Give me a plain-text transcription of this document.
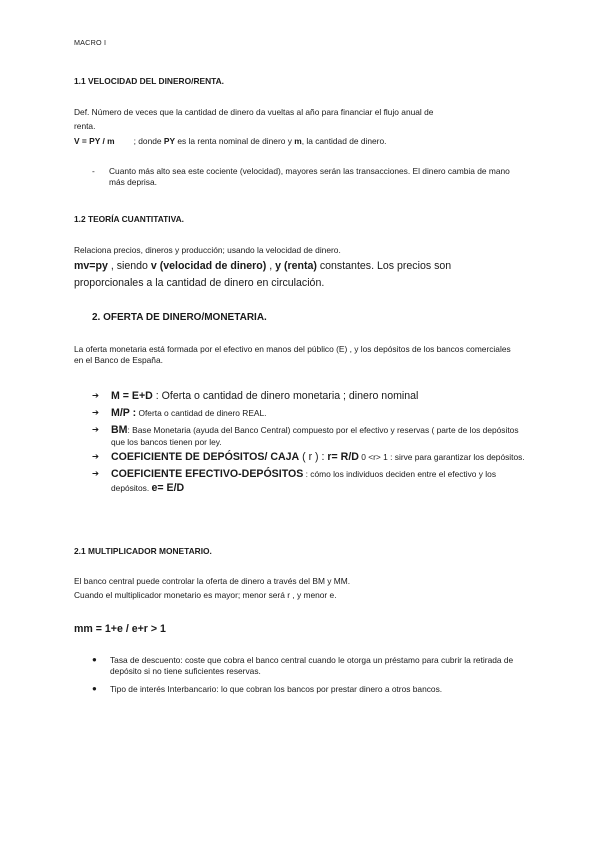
MACRO I
1.1 VELOCIDAD DEL DINERO/RENTA.
Def. Número de veces que la cantidad de dinero da vueltas al año para financiar el flujo anual de
renta.
V = PY / m ; donde PY es la renta nominal de dinero y m, la cantidad de dinero.
- Cuanto más alto sea este cociente (velocidad), mayores serán las transacciones. El dinero cambia de mano más deprisa.
1.2 TEORÍA CUANTITATIVA.
Relaciona precios, dineros y producción; usando la velocidad de dinero.
mv=py , siendo v (velocidad de dinero) , y (renta) constantes. Los precios son
proporcionales a la cantidad de dinero en circulación.
2. OFERTA DE DINERO/MONETARIA.
La oferta monetaria está formada por el efectivo en manos del público (E) , y los depósitos de los bancos comerciales en el Banco de España.
➔ M = E+D : Oferta o cantidad de dinero monetaria ; dinero nominal
➔ M/P : Oferta o cantidad de dinero REAL.
➔ BM: Base Monetaria (ayuda del Banco Central) compuesto por el efectivo y reservas ( parte de los depósitos que los bancos tienen por ley.
➔ COEFICIENTE DE DEPÓSITOS/ CAJA ( r ) : r= R/D 0 <r> 1 : sirve para garantizar los depósitos.
➔ COEFICIENTE EFECTIVO-DEPÓSITOS : cómo los individuos deciden entre el efectivo y los depósitos. e= E/D
2.1 MULTIPLICADOR MONETARIO.
El banco central puede controlar la oferta de dinero a través del BM y MM.
Cuando el multiplicador monetario es mayor; menor será r , y menor e.
mm = 1+e / e+r > 1
● Tasa de descuento: coste que cobra el banco central cuando le otorga un préstamo para cubrir la retirada de depósito si no tiene suficientes reservas.
● Tipo de interés Interbancario: lo que cobran los bancos por prestar dinero a otros bancos.
